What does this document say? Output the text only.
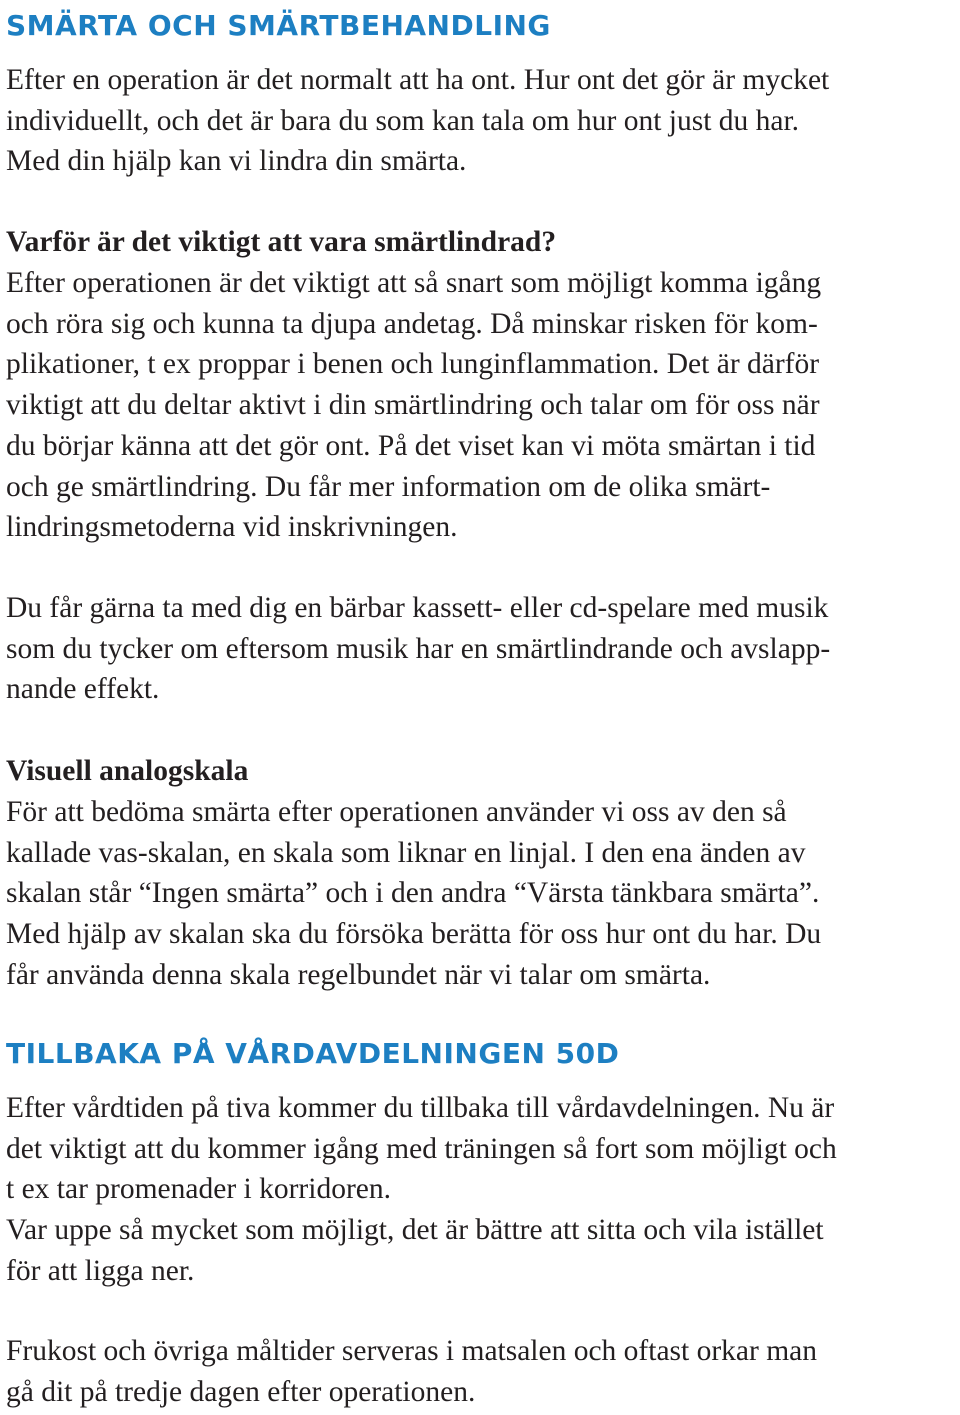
SMÄRTA OCH SMÄRTBEHANDLING

Efter en operation är det normalt att ha ont. Hur ont det gör är mycket
individuellt, och det är bara du som kan tala om hur ont just du har.
Med din hjälp kan vi lindra din smärta.

Varför är det viktigt att vara smärtlindrad?

Efter operationen är det viktigt att så snart som möjligt komma igång
och röra sig och kunna ta djupa andetag. Då minskar risken för kom-
plikationer, t ex proppar i benen och lunginflammation. Det är därför
viktigt att du deltar aktivt i din smärtlindring och talar om för oss när
du börjar känna att det gör ont. På det viset kan vi möta smärtan i tid
och ge smärtlindring. Du får mer information om de olika smärt-
lindringsmetoderna vid inskrivningen.

Du får gärna ta med dig en bärbar kassett- eller cd-spelare med musik
som du tycker om eftersom musik har en smärtlindrande och avslapp-
nande effekt.

Visuell analogskala

För att bedöma smärta efter operationen använder vi oss av den så
kallade vas-skalan, en skala som liknar en linjal. I den ena änden av
skalan står “Ingen smärta” och i den andra “Värsta tänkbara smärta”.
Med hjälp av skalan ska du försöka berätta för oss hur ont du har. Du
får använda denna skala regelbundet när vi talar om smärta.

TILLBAKA PÅ VÅRDAVDELNINGEN 50D

Efter vårdtiden på tiva kommer du tillbaka till vårdavdelningen. Nu är
det viktigt att du kommer igång med träningen så fort som möjligt och
t ex tar promenader i korridoren.
Var uppe så mycket som möjligt, det är bättre att sitta och vila istället
för att ligga ner.

Frukost och övriga måltider serveras i matsalen och oftast orkar man
gå dit på tredje dagen efter operationen.
